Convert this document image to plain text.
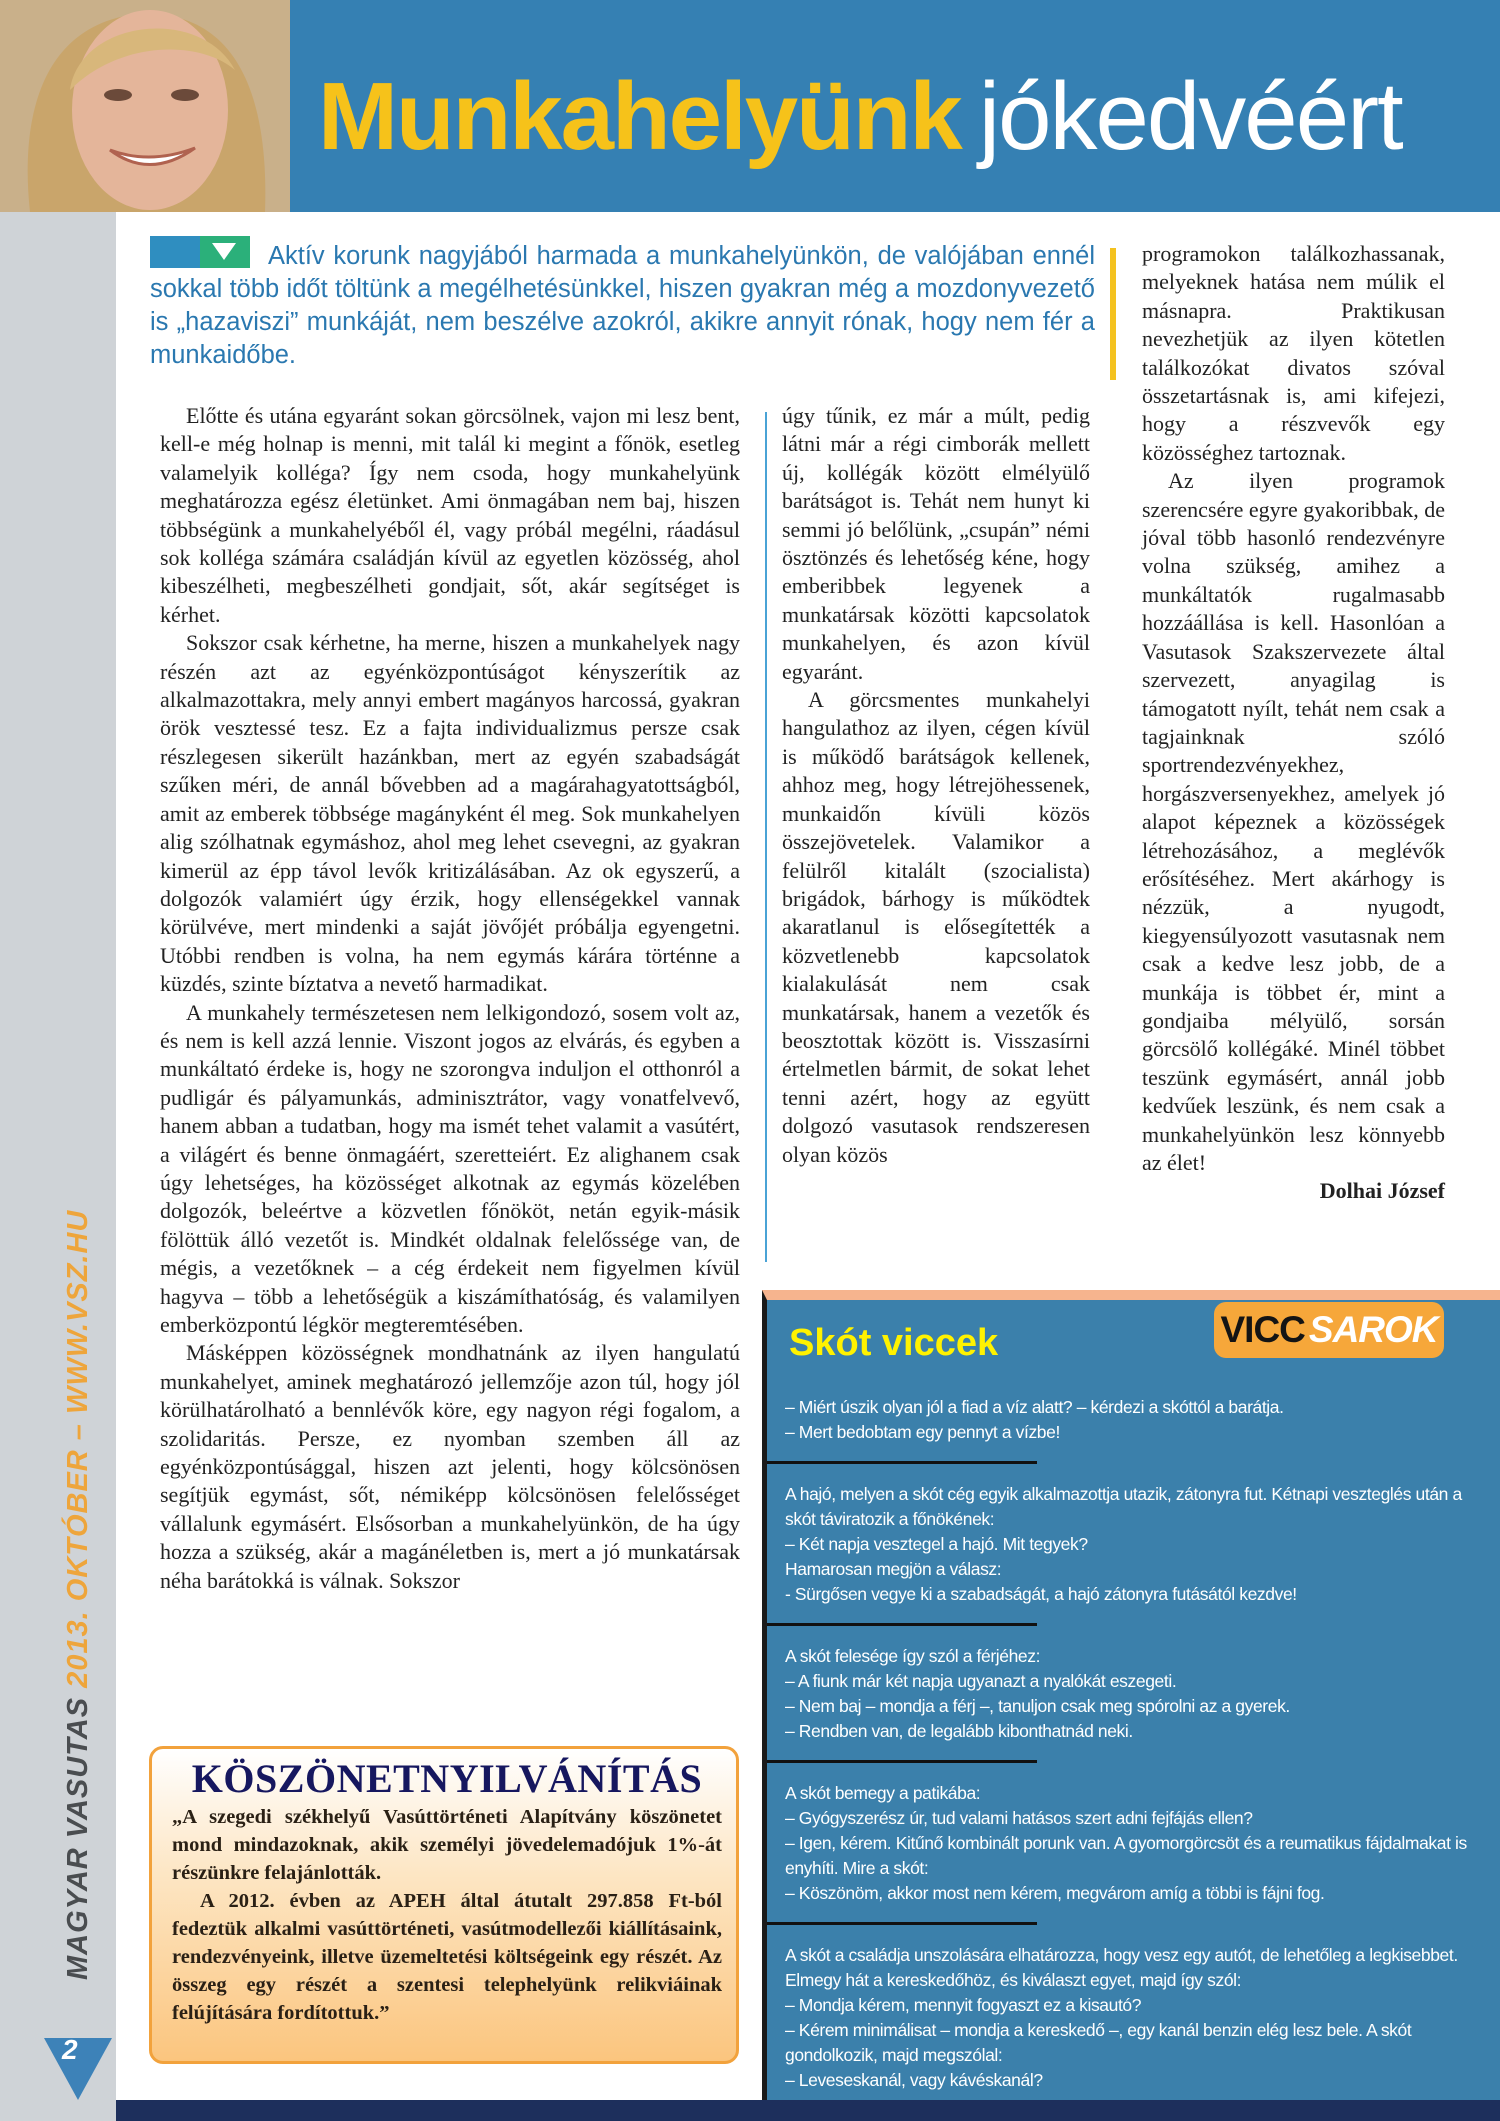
Munkahelyünk jókedvéért
MAGYAR VASUTAS 2013. OKTÓBER – WWW.VSZ.HU
2
Aktív korunk nagyjából harmada a munkahelyünkön, de valójában ennél sokkal több időt töltünk a megélhetésünkkel, hiszen gyakran még a mozdonyvezető is „hazaviszi” munkáját, nem beszélve azokról, akikre annyit rónak, hogy nem fér a munkaidőbe.

Előtte és utána egyaránt sokan görcsölnek, vajon mi lesz bent, kell-e még holnap is menni, mit talál ki megint a főnök, esetleg valamelyik kolléga? Így nem csoda, hogy munkahelyünk meghatározza egész életünket. Ami önmagában nem baj, hiszen többségünk a munkahelyéből él, vagy próbál megélni, ráadásul sok kolléga számára családján kívül az egyetlen közösség, ahol kibeszélheti, megbeszélheti gondjait, sőt, akár segítséget is kérhet.

Sokszor csak kérhetne, ha merne, hiszen a munkahelyek nagy részén azt az egyénközpontúságot kényszerítik az alkalmazottakra, mely annyi embert magányos harcossá, gyakran örök vesztessé tesz. Ez a fajta individualizmus persze csak részlegesen sikerült hazánkban, mert az egyén szabadságát szűken méri, de annál bővebben ad a magárahagyatottságból, amit az emberek többsége magányként él meg. Sok munkahelyen alig szólhatnak egymáshoz, ahol meg lehet csevegni, az gyakran kimerül az épp távol levők kritizálásában. Az ok egyszerű, a dolgozók valamiért úgy érzik, hogy ellenségekkel vannak körülvéve, mert mindenki a saját jövőjét próbálja egyengetni. Utóbbi rendben is volna, ha nem egymás kárára történne a küzdés, szinte bíztatva a nevető harmadikat.

A munkahely természetesen nem lelkigondozó, sosem volt az, és nem is kell azzá lennie. Viszont jogos az elvárás, és egyben a munkáltató érdeke is, hogy ne szorongva induljon el otthonról a pudligár és pályamunkás, adminisztrátor, vagy vonatfelvevő, hanem abban a tudatban, hogy ma ismét tehet valamit a vasútért, a világért és benne önmagáért, szeretteiért. Ez alighanem csak úgy lehetséges, ha közösséget alkotnak az egymás közelében dolgozók, beleértve a közvetlen főnököt, netán egyik-másik fölöttük álló vezetőt is. Mindkét oldalnak felelőssége van, de mégis, a vezetőknek – a cég érdekeit nem figyelmen kívül hagyva – több a lehetőségük a kiszámíthatóság, és valamilyen emberközpontú légkör megteremtésében.

Másképpen közösségnek mondhatnánk az ilyen hangulatú munkahelyet, aminek meghatározó jellemzője azon túl, hogy jól körülhatárolható a bennlévők köre, egy nagyon régi fogalom, a szolidaritás. Persze, ez nyomban szemben áll az egyénközpontúsággal, hiszen azt jelenti, hogy kölcsönösen segítjük egymást, sőt, némiképp kölcsönösen felelősséget vállalunk egymásért. Elsősorban a munkahelyünkön, de ha úgy hozza a szükség, akár a magánéletben is, mert a jó munkatársak néha barátokká is válnak. Sokszor

úgy tűnik, ez már a múlt, pedig látni már a régi cimborák mellett új, kollégák között elmélyülő barátságot is. Tehát nem hunyt ki semmi jó belőlünk, „csupán” némi ösztönzés és lehetőség kéne, hogy emberibbek legyenek a munkatársak közötti kapcsolatok munkahelyen, és azon kívül egyaránt.

A görcsmentes munkahelyi hangulathoz az ilyen, cégen kívül is működő barátságok kellenek, ahhoz meg, hogy létrejöhessenek, munkaidőn kívüli közös összejövetelek. Valamikor a felülről kitalált (szocialista) brigádok, bárhogy is működtek akaratlanul is elősegítették a közvetlenebb kapcsolatok kialakulását nem csak munkatársak, hanem a vezetők és beosztottak között is. Visszasírni értelmetlen bármit, de sokat lehet tenni azért, hogy az együtt dolgozó vasutasok rendszeresen olyan közös

programokon találkozhassanak, melyeknek hatása nem múlik el másnapra. Praktikusan nevezhetjük az ilyen kötetlen találkozókat divatos szóval összetartásnak is, ami kifejezi, hogy a részvevők egy közösséghez tartoznak.

Az ilyen programok szerencsére egyre gyakoribbak, de jóval több hasonló rendezvényre volna szükség, amihez a munkáltatók rugalmasabb hozzáállása is kell. Hasonlóan a Vasutasok Szakszervezete által szervezett, anyagilag is támogatott nyílt, tehát nem csak a tagjainknak szóló sportrendezvényekhez, horgászversenyekhez, amelyek jó alapot képeznek a közösségek létrehozásához, a meglévők erősítéséhez. Mert akárhogy is nézzük, a nyugodt, kiegyensúlyozott vasutasnak nem csak a kedve lesz jobb, de a munkája is többet ér, mint a gondjaiba mélyülő, sorsán görcsölő kollégáké. Minél többet teszünk egymásért, annál jobb kedvűek leszünk, és nem csak a munkahelyünkön lesz könnyebb az élet!

Dolhai József

KÖSZÖNETNYILVÁNÍTÁS

„A szegedi székhelyű Vasúttörténeti Alapítvány köszönetet mond mindazoknak, akik személyi jövedelemadójuk 1%-át részünkre felajánlották.

A 2012. évben az APEH által átutalt 297.858 Ft-ból fedeztük alkalmi vasúttörténeti, vasútmodellezői kiállításaink, rendezvényeink, illetve üzemeltetési költségeink egy részét. Az összeg egy részét a szentesi telephelyünk relikviáinak felújítására fordítottuk.”

Skót viccek	VICC SAROK
– Miért úszik olyan jól a fiad a víz alatt? – kérdezi a skóttól a barátja.
– Mert bedobtam egy pennyt a vízbe!
A hajó, melyen a skót cég egyik alkalmazottja utazik, zátonyra fut. Kétnapi veszteglés után a skót táviratozik a főnökének:
– Két napja vesztegel a hajó. Mit tegyek?
Hamarosan megjön a válasz:
- Sürgősen vegye ki a szabadságát, a hajó zátonyra futásától kezdve!
A skót felesége így szól a férjéhez:
– A fiunk már két napja ugyanazt a nyalókát eszegeti.
– Nem baj – mondja a férj –, tanuljon csak meg spórolni az a gyerek.
– Rendben van, de legalább kibonthatnád neki.
A skót bemegy a patikába:
– Gyógyszerész úr, tud valami hatásos szert adni fejfájás ellen?
– Igen, kérem. Kitűnő kombinált porunk van. A gyomorgörcsöt és a reumatikus fájdalmakat is enyhíti. Mire a skót:
– Köszönöm, akkor most nem kérem, megvárom amíg a többi is fájni fog.
A skót a családja unszolására elhatározza, hogy vesz egy autót, de lehetőleg a legkisebbet. Elmegy hát a kereskedőhöz, és kiválaszt egyet, majd így szól:
– Mondja kérem, mennyit fogyaszt ez a kisautó?
– Kérem minimálisat – mondja a kereskedő –, egy kanál benzin elég lesz bele. A skót gondolkozik, majd megszólal:
– Leveseskanál, vagy kávéskanál?
